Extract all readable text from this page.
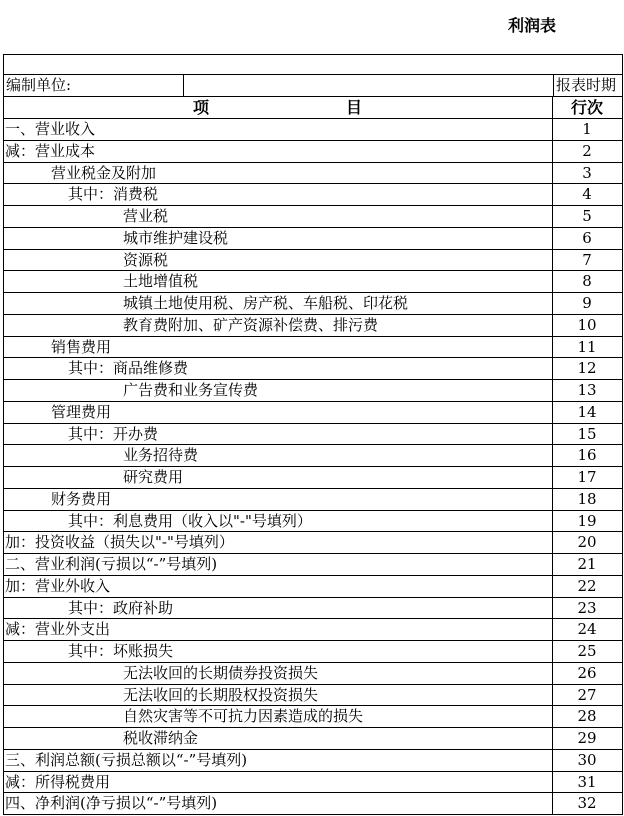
利润表
编制单位:	报表时期
项	目	行次
一、营业收入	1
减：营业成本	2
营业税金及附加	3
其中：消费税	4
营业税	5
城市维护建设税	6
资源税	7
土地增值税	8
城镇土地使用税、房产税、车船税、印花税	9
教育费附加、矿产资源补偿费、排污费	10
销售费用	11
其中：商品维修费	12
广告费和业务宣传费	13
管理费用	14
其中：开办费	15
业务招待费	16
研究费用	17
财务费用	18
其中：利息费用（收入以"-"号填列）	19
加：投资收益（损失以"-"号填列）	20
二、营业利润(亏损以“-”号填列)	21
加：营业外收入	22
其中：政府补助	23
减：营业外支出	24
其中：坏账损失	25
无法收回的长期债券投资损失	26
无法收回的长期股权投资损失	27
自然灾害等不可抗力因素造成的损失	28
税收滞纳金	29
三、利润总额(亏损总额以“-”号填列)	30
减：所得税费用	31
四、净利润(净亏损以“-”号填列)	32
